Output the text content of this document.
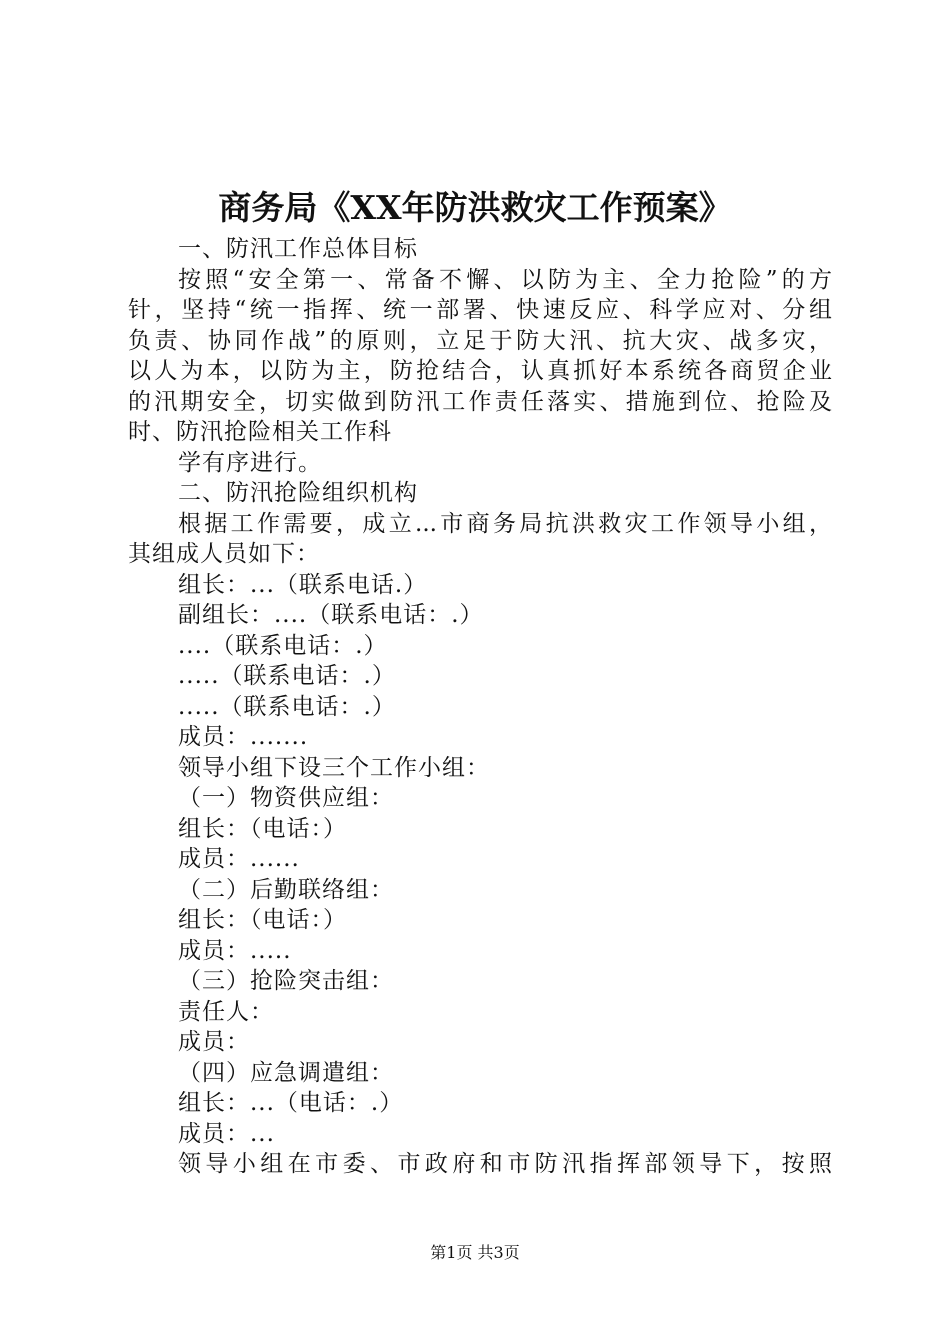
商务局《XX年防洪救灾工作预案》
一、防汛工作总体目标
按照“安全第一、常备不懈、以防为主、全力抢险”的方
针，坚持“统一指挥、统一部署、快速反应、科学应对、分组
负责、协同作战”的原则，立足于防大汛、抗大灾、战多灾，
以人为本，以防为主，防抢结合，认真抓好本系统各商贸企业
的汛期安全，切实做到防汛工作责任落实、措施到位、抢险及
时、防汛抢险相关工作科
学有序进行。
二、防汛抢险组织机构
根据工作需要，成立...市商务局抗洪救灾工作领导小组，
其组成人员如下：
组长：...（联系电话.）
副组长：....（联系电话：.）
....（联系电话：.）
.....（联系电话：.）
.....（联系电话：.）
成员：.......
领导小组下设三个工作小组：
（一）物资供应组：
组长：（电话：）
成员：......
（二）后勤联络组：
组长：（电话：）
成员：.....
（三）抢险突击组：
责任人：
成员：
（四）应急调遣组：
组长：...（电话：.）
成员：...
领导小组在市委、市政府和市防汛指挥部领导下，按照
第1页 共3页
